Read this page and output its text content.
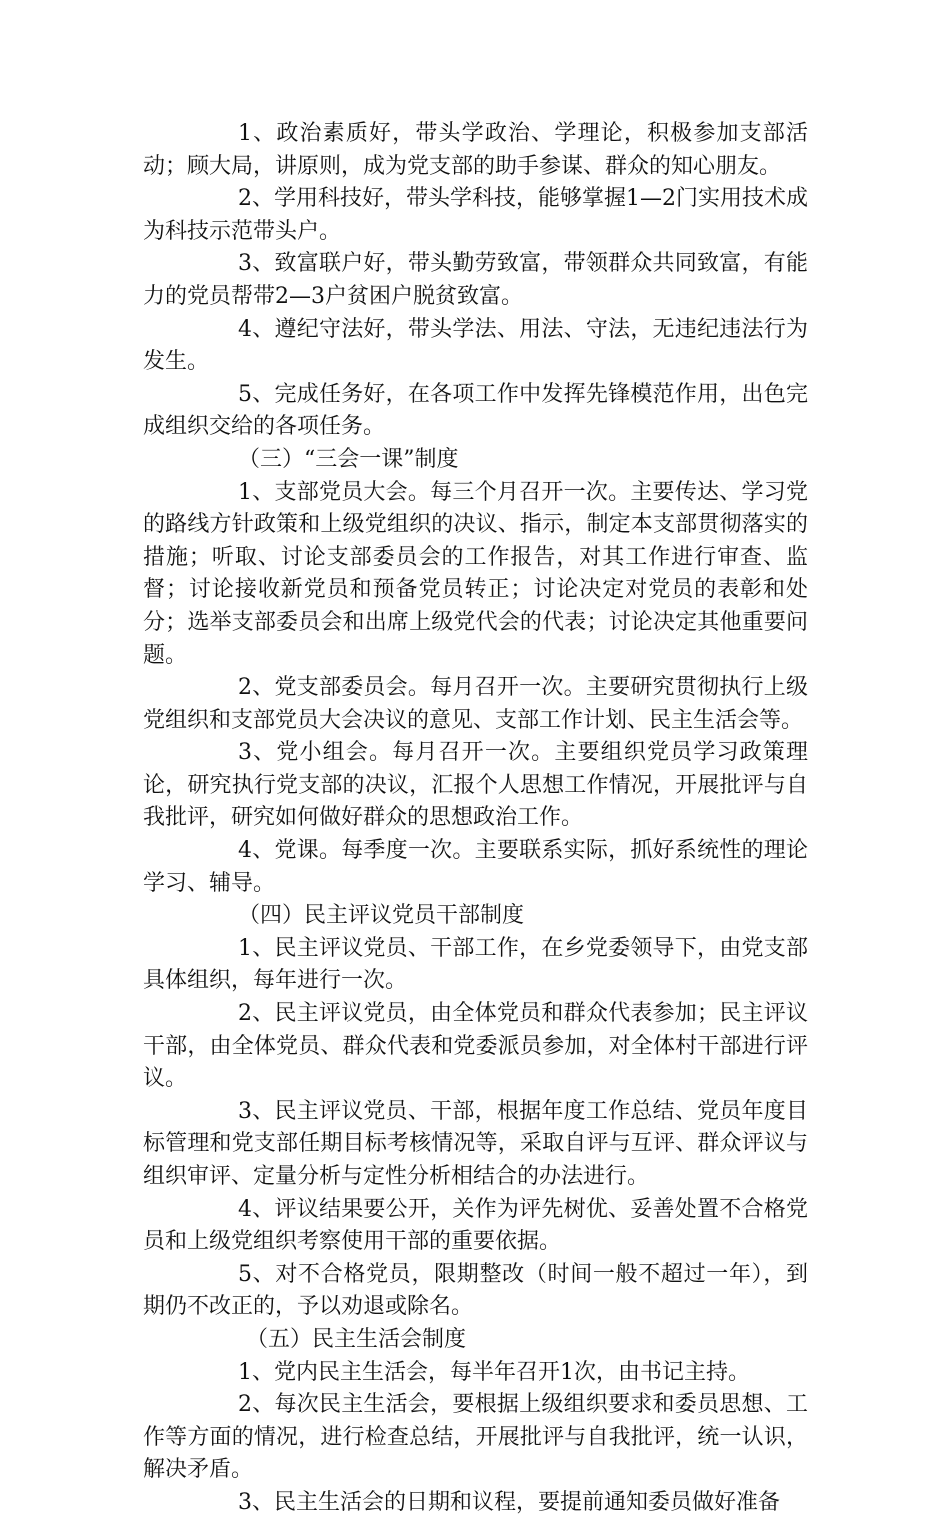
1、政治素质好，带头学政治、学理论，积极参加支部活动；顾大局，讲原则，成为党支部的助手参谋、群众的知心朋友。

2、学用科技好，带头学科技，能够掌握1—2门实用技术成为科技示范带头户。

3、致富联户好，带头勤劳致富，带领群众共同致富，有能力的党员帮带2—3户贫困户脱贫致富。

4、遵纪守法好，带头学法、用法、守法，无违纪违法行为发生。

5、完成任务好，在各项工作中发挥先锋模范作用，出色完成组织交给的各项任务。

（三）“三会一课”制度

1、支部党员大会。每三个月召开一次。主要传达、学习党的路线方针政策和上级党组织的决议、指示，制定本支部贯彻落实的措施；听取、讨论支部委员会的工作报告，对其工作进行审查、监督；讨论接收新党员和预备党员转正；讨论决定对党员的表彰和处分；选举支部委员会和出席上级党代会的代表；讨论决定其他重要问题。

2、党支部委员会。每月召开一次。主要研究贯彻执行上级党组织和支部党员大会决议的意见、支部工作计划、民主生活会等。

3、党小组会。每月召开一次。主要组织党员学习政策理论，研究执行党支部的决议，汇报个人思想工作情况，开展批评与自我批评，研究如何做好群众的思想政治工作。

4、党课。每季度一次。主要联系实际，抓好系统性的理论学习、辅导。

（四）民主评议党员干部制度

1、民主评议党员、干部工作，在乡党委领导下，由党支部具体组织，每年进行一次。

2、民主评议党员，由全体党员和群众代表参加；民主评议干部，由全体党员、群众代表和党委派员参加，对全体村干部进行评议。

3、民主评议党员、干部，根据年度工作总结、党员年度目标管理和党支部任期目标考核情况等，采取自评与互评、群众评议与组织审评、定量分析与定性分析相结合的办法进行。

4、评议结果要公开，关作为评先树优、妥善处置不合格党员和上级党组织考察使用干部的重要依据。

5、对不合格党员，限期整改（时间一般不超过一年），到期仍不改正的，予以劝退或除名。

（五）民主生活会制度

1、党内民主生活会，每半年召开1次，由书记主持。

2、每次民主生活会，要根据上级组织要求和委员思想、工作等方面的情况，进行检查总结，开展批评与自我批评，统一认识，解决矛盾。

3、民主生活会的日期和议程，要提前通知委员做好准备
